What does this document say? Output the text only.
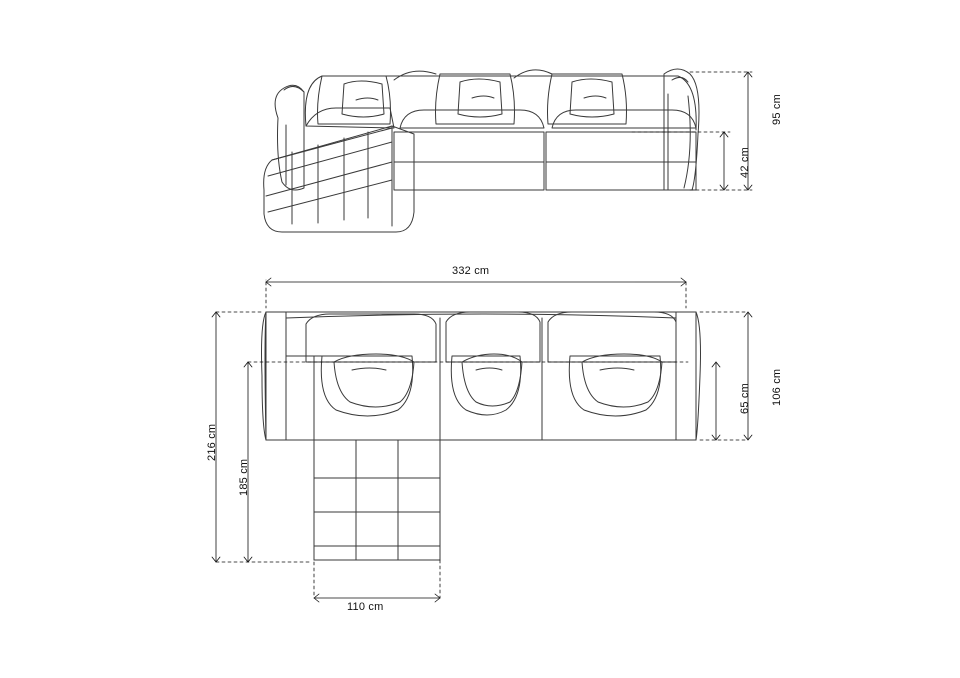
95 cm
42 cm
332 cm
216 cm
185 cm
106 cm
65 cm
110 cm
